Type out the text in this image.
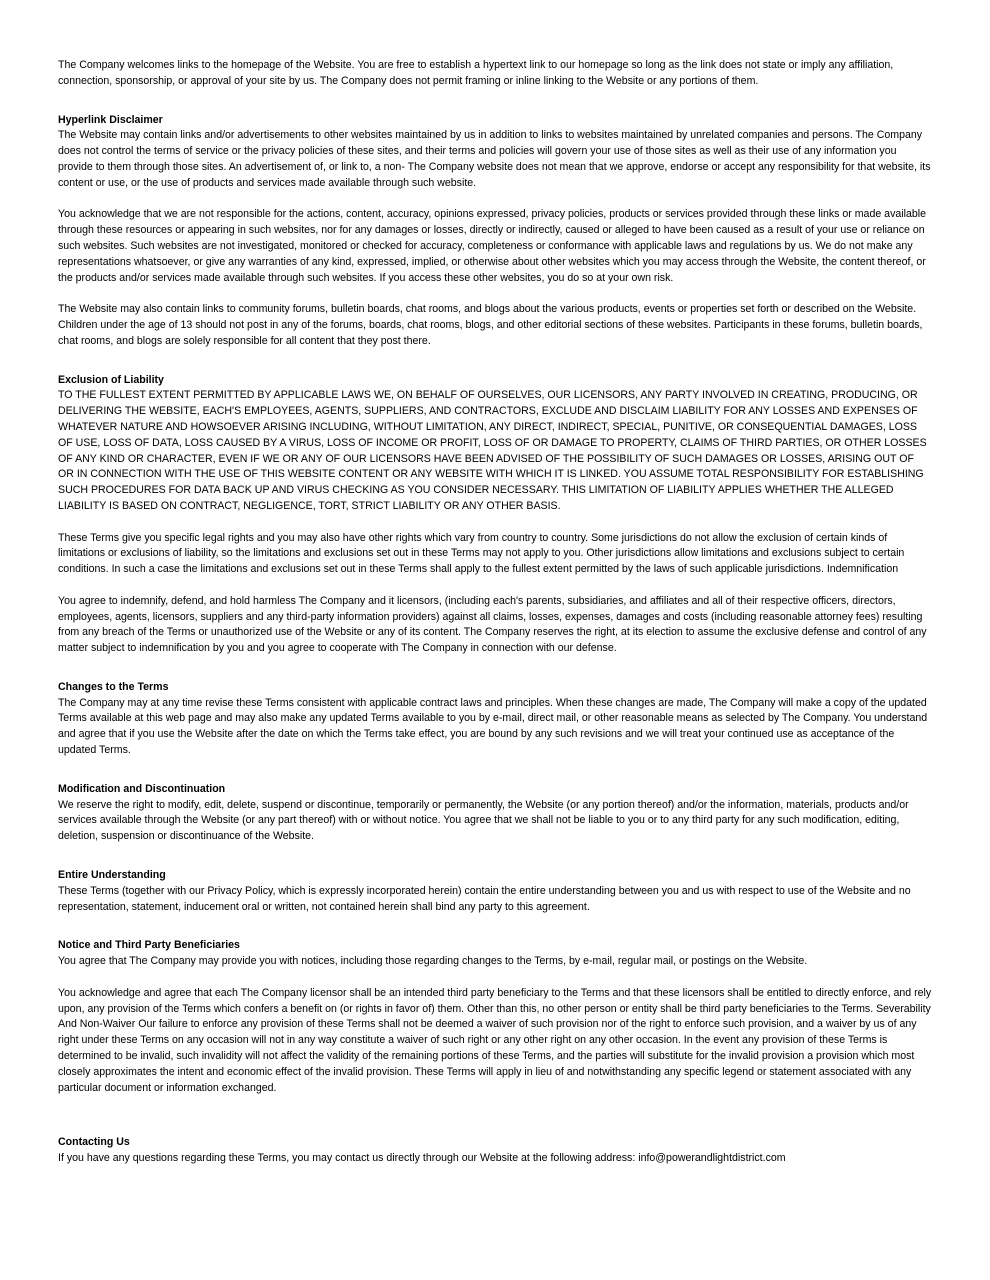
The Company welcomes links to the homepage of the Website. You are free to establish a hypertext link to our homepage so long as the link does not state or imply any affiliation, connection, sponsorship, or approval of your site by us. The Company does not permit framing or inline linking to the Website or any portions of them.

Hyperlink Disclaimer

The Website may contain links and/or advertisements to other websites maintained by us in addition to links to websites maintained by unrelated companies and persons. The Company does not control the terms of service or the privacy policies of these sites, and their terms and policies will govern your use of those sites as well as their use of any information you provide to them through those sites. An advertisement of, or link to, a non- The Company website does not mean that we approve, endorse or accept any responsibility for that website, its content or use, or the use of products and services made available through such website.

You acknowledge that we are not responsible for the actions, content, accuracy, opinions expressed, privacy policies, products or services provided through these links or made available through these resources or appearing in such websites, nor for any damages or losses, directly or indirectly, caused or alleged to have been caused as a result of your use or reliance on such websites. Such websites are not investigated, monitored or checked for accuracy, completeness or conformance with applicable laws and regulations by us. We do not make any representations whatsoever, or give any warranties of any kind, expressed, implied, or otherwise about other websites which you may access through the Website, the content thereof, or the products and/or services made available through such websites. If you access these other websites, you do so at your own risk.

The Website may also contain links to community forums, bulletin boards, chat rooms, and blogs about the various products, events or properties set forth or described on the Website. Children under the age of 13 should not post in any of the forums, boards, chat rooms, blogs, and other editorial sections of these websites. Participants in these forums, bulletin boards, chat rooms, and blogs are solely responsible for all content that they post there.

Exclusion of Liability

TO THE FULLEST EXTENT PERMITTED BY APPLICABLE LAWS WE, ON BEHALF OF OURSELVES, OUR LICENSORS, ANY PARTY INVOLVED IN CREATING, PRODUCING, OR DELIVERING THE WEBSITE, EACH'S EMPLOYEES, AGENTS, SUPPLIERS, AND CONTRACTORS, EXCLUDE AND DISCLAIM LIABILITY FOR ANY LOSSES AND EXPENSES OF WHATEVER NATURE AND HOWSOEVER ARISING INCLUDING, WITHOUT LIMITATION, ANY DIRECT, INDIRECT, SPECIAL, PUNITIVE, OR CONSEQUENTIAL DAMAGES, LOSS OF USE, LOSS OF DATA, LOSS CAUSED BY A VIRUS, LOSS OF INCOME OR PROFIT, LOSS OF OR DAMAGE TO PROPERTY, CLAIMS OF THIRD PARTIES, OR OTHER LOSSES OF ANY KIND OR CHARACTER, EVEN IF WE OR ANY OF OUR LICENSORS HAVE BEEN ADVISED OF THE POSSIBILITY OF SUCH DAMAGES OR LOSSES, ARISING OUT OF OR IN CONNECTION WITH THE USE OF THIS WEBSITE CONTENT OR ANY WEBSITE WITH WHICH IT IS LINKED. YOU ASSUME TOTAL RESPONSIBILITY FOR ESTABLISHING SUCH PROCEDURES FOR DATA BACK UP AND VIRUS CHECKING AS YOU CONSIDER NECESSARY. THIS LIMITATION OF LIABILITY APPLIES WHETHER THE ALLEGED LIABILITY IS BASED ON CONTRACT, NEGLIGENCE, TORT, STRICT LIABILITY OR ANY OTHER BASIS.

These Terms give you specific legal rights and you may also have other rights which vary from country to country. Some jurisdictions do not allow the exclusion of certain kinds of limitations or exclusions of liability, so the limitations and exclusions set out in these Terms may not apply to you. Other jurisdictions allow limitations and exclusions subject to certain conditions. In such a case the limitations and exclusions set out in these Terms shall apply to the fullest extent permitted by the laws of such applicable jurisdictions. Indemnification

You agree to indemnify, defend, and hold harmless The Company and it licensors, (including each's parents, subsidiaries, and affiliates and all of their respective officers, directors, employees, agents, licensors, suppliers and any third-party information providers) against all claims, losses, expenses, damages and costs (including reasonable attorney fees) resulting from any breach of the Terms or unauthorized use of the Website or any of its content. The Company reserves the right, at its election to assume the exclusive defense and control of any matter subject to indemnification by you and you agree to cooperate with The Company in connection with our defense.

Changes to the Terms

The Company may at any time revise these Terms consistent with applicable contract laws and principles. When these changes are made, The Company will make a copy of the updated Terms available at this web page and may also make any updated Terms available to you by e-mail, direct mail, or other reasonable means as selected by The Company. You understand and agree that if you use the Website after the date on which the Terms take effect, you are bound by any such revisions and we will treat your continued use as acceptance of the updated Terms.

Modification and Discontinuation

We reserve the right to modify, edit, delete, suspend or discontinue, temporarily or permanently, the Website (or any portion thereof) and/or the information, materials, products and/or services available through the Website (or any part thereof) with or without notice. You agree that we shall not be liable to you or to any third party for any such modification, editing, deletion, suspension or discontinuance of the Website.

Entire Understanding

These Terms (together with our Privacy Policy, which is expressly incorporated herein) contain the entire understanding between you and us with respect to use of the Website and no representation, statement, inducement oral or written, not contained herein shall bind any party to this agreement.

Notice and Third Party Beneficiaries

You agree that The Company may provide you with notices, including those regarding changes to the Terms, by e-mail, regular mail, or postings on the Website.

You acknowledge and agree that each The Company licensor shall be an intended third party beneficiary to the Terms and that these licensors shall be entitled to directly enforce, and rely upon, any provision of the Terms which confers a benefit on (or rights in favor of) them. Other than this, no other person or entity shall be third party beneficiaries to the Terms. Severability And Non-Waiver Our failure to enforce any provision of these Terms shall not be deemed a waiver of such provision nor of the right to enforce such provision, and a waiver by us of any right under these Terms on any occasion will not in any way constitute a waiver of such right or any other right on any other occasion. In the event any provision of these Terms is determined to be invalid, such invalidity will not affect the validity of the remaining portions of these Terms, and the parties will substitute for the invalid provision a provision which most closely approximates the intent and economic effect of the invalid provision. These Terms will apply in lieu of and notwithstanding any specific legend or statement associated with any particular document or information exchanged.

Contacting Us

If you have any questions regarding these Terms, you may contact us directly through our Website at the following address: info@powerandlightdistrict.com
